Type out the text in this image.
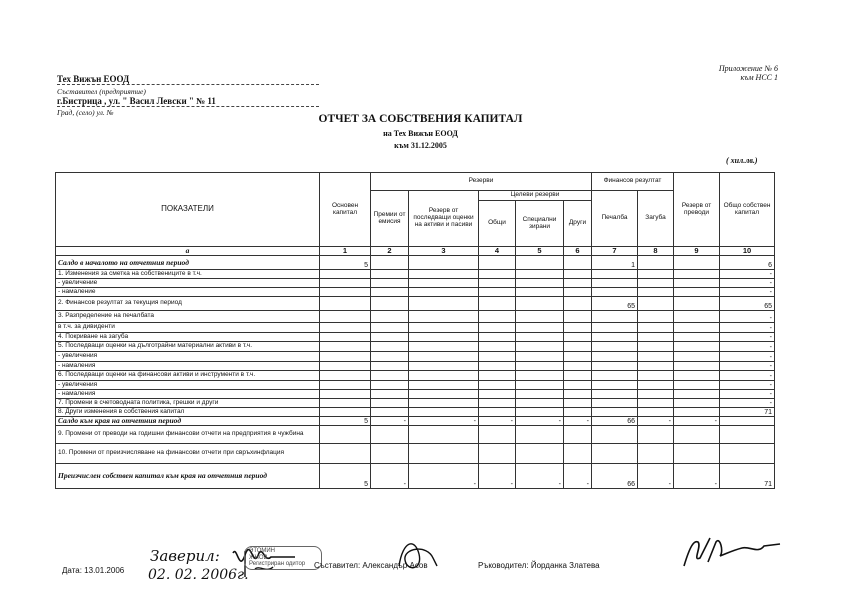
Приложение № 6
към НСС 1
Тех Вижън ЕООД
Съставител (предприятие)
г.Бистрица , ул. " Васил Левски " № 11
Град, (село) ул. №
ОТЧЕТ ЗА СОБСТВЕНИЯ КАПИТАЛ
на Тех Вижън ЕООД
към 31.12.2005
( хил.лв.)
ПОКАЗАТЕЛИ	Основен капитал	Резерви					Финансов резултат		Резерв от преводи	Общо собствен капитал
		Премии от емисия	Резерв от последващи оценки на активи и пасиви	Целеви резерви			Печалба	Загуба		
				Общи	Специални зирани	Други				
а	1	2	3	4	5	6	7	8	9	10
Салдо в началото на отчетния период	5						1			6
1. Изменения за сметка на собствениците в т.ч.										-
- увеличение										-
- намаление										-
2. Финансов резултат за текущия период							65			65
3. Разпределение на печалбата										-
в т.ч. за дивиденти										-
4. Покриване на загуба										-
5. Последващи оценки на дълготрайни материални активи в т.ч.										-
- увеличения										-
- намаления										-
6. Последващи оценки на финансови активи и инструменти в т.ч.										-
- увеличения										-
- намаления										-
7. Промени в счетоводната политика, грешки и други										-
8. Други изменения в собствения капитал										71
Салдо към края на отчетния период	5	-	-	-	-	-	66	-	-	
9. Промени от преводи на годишни финансови отчети на предприятия в чужбина										
10. Промени от преизчисляване на финансови отчети при свръхинфлация										
Преизчислен собствен капитал към края на отчетния период	5	-	-	-	-	-	66	-	-	71
Дата: 13.01.2006
Заверил:
02. 02. 2006г.
ЭТОМИН
ЖНОВ
Регистриран одитор	Съставител: Александър Асов	Ръководител: Йорданка Златева
